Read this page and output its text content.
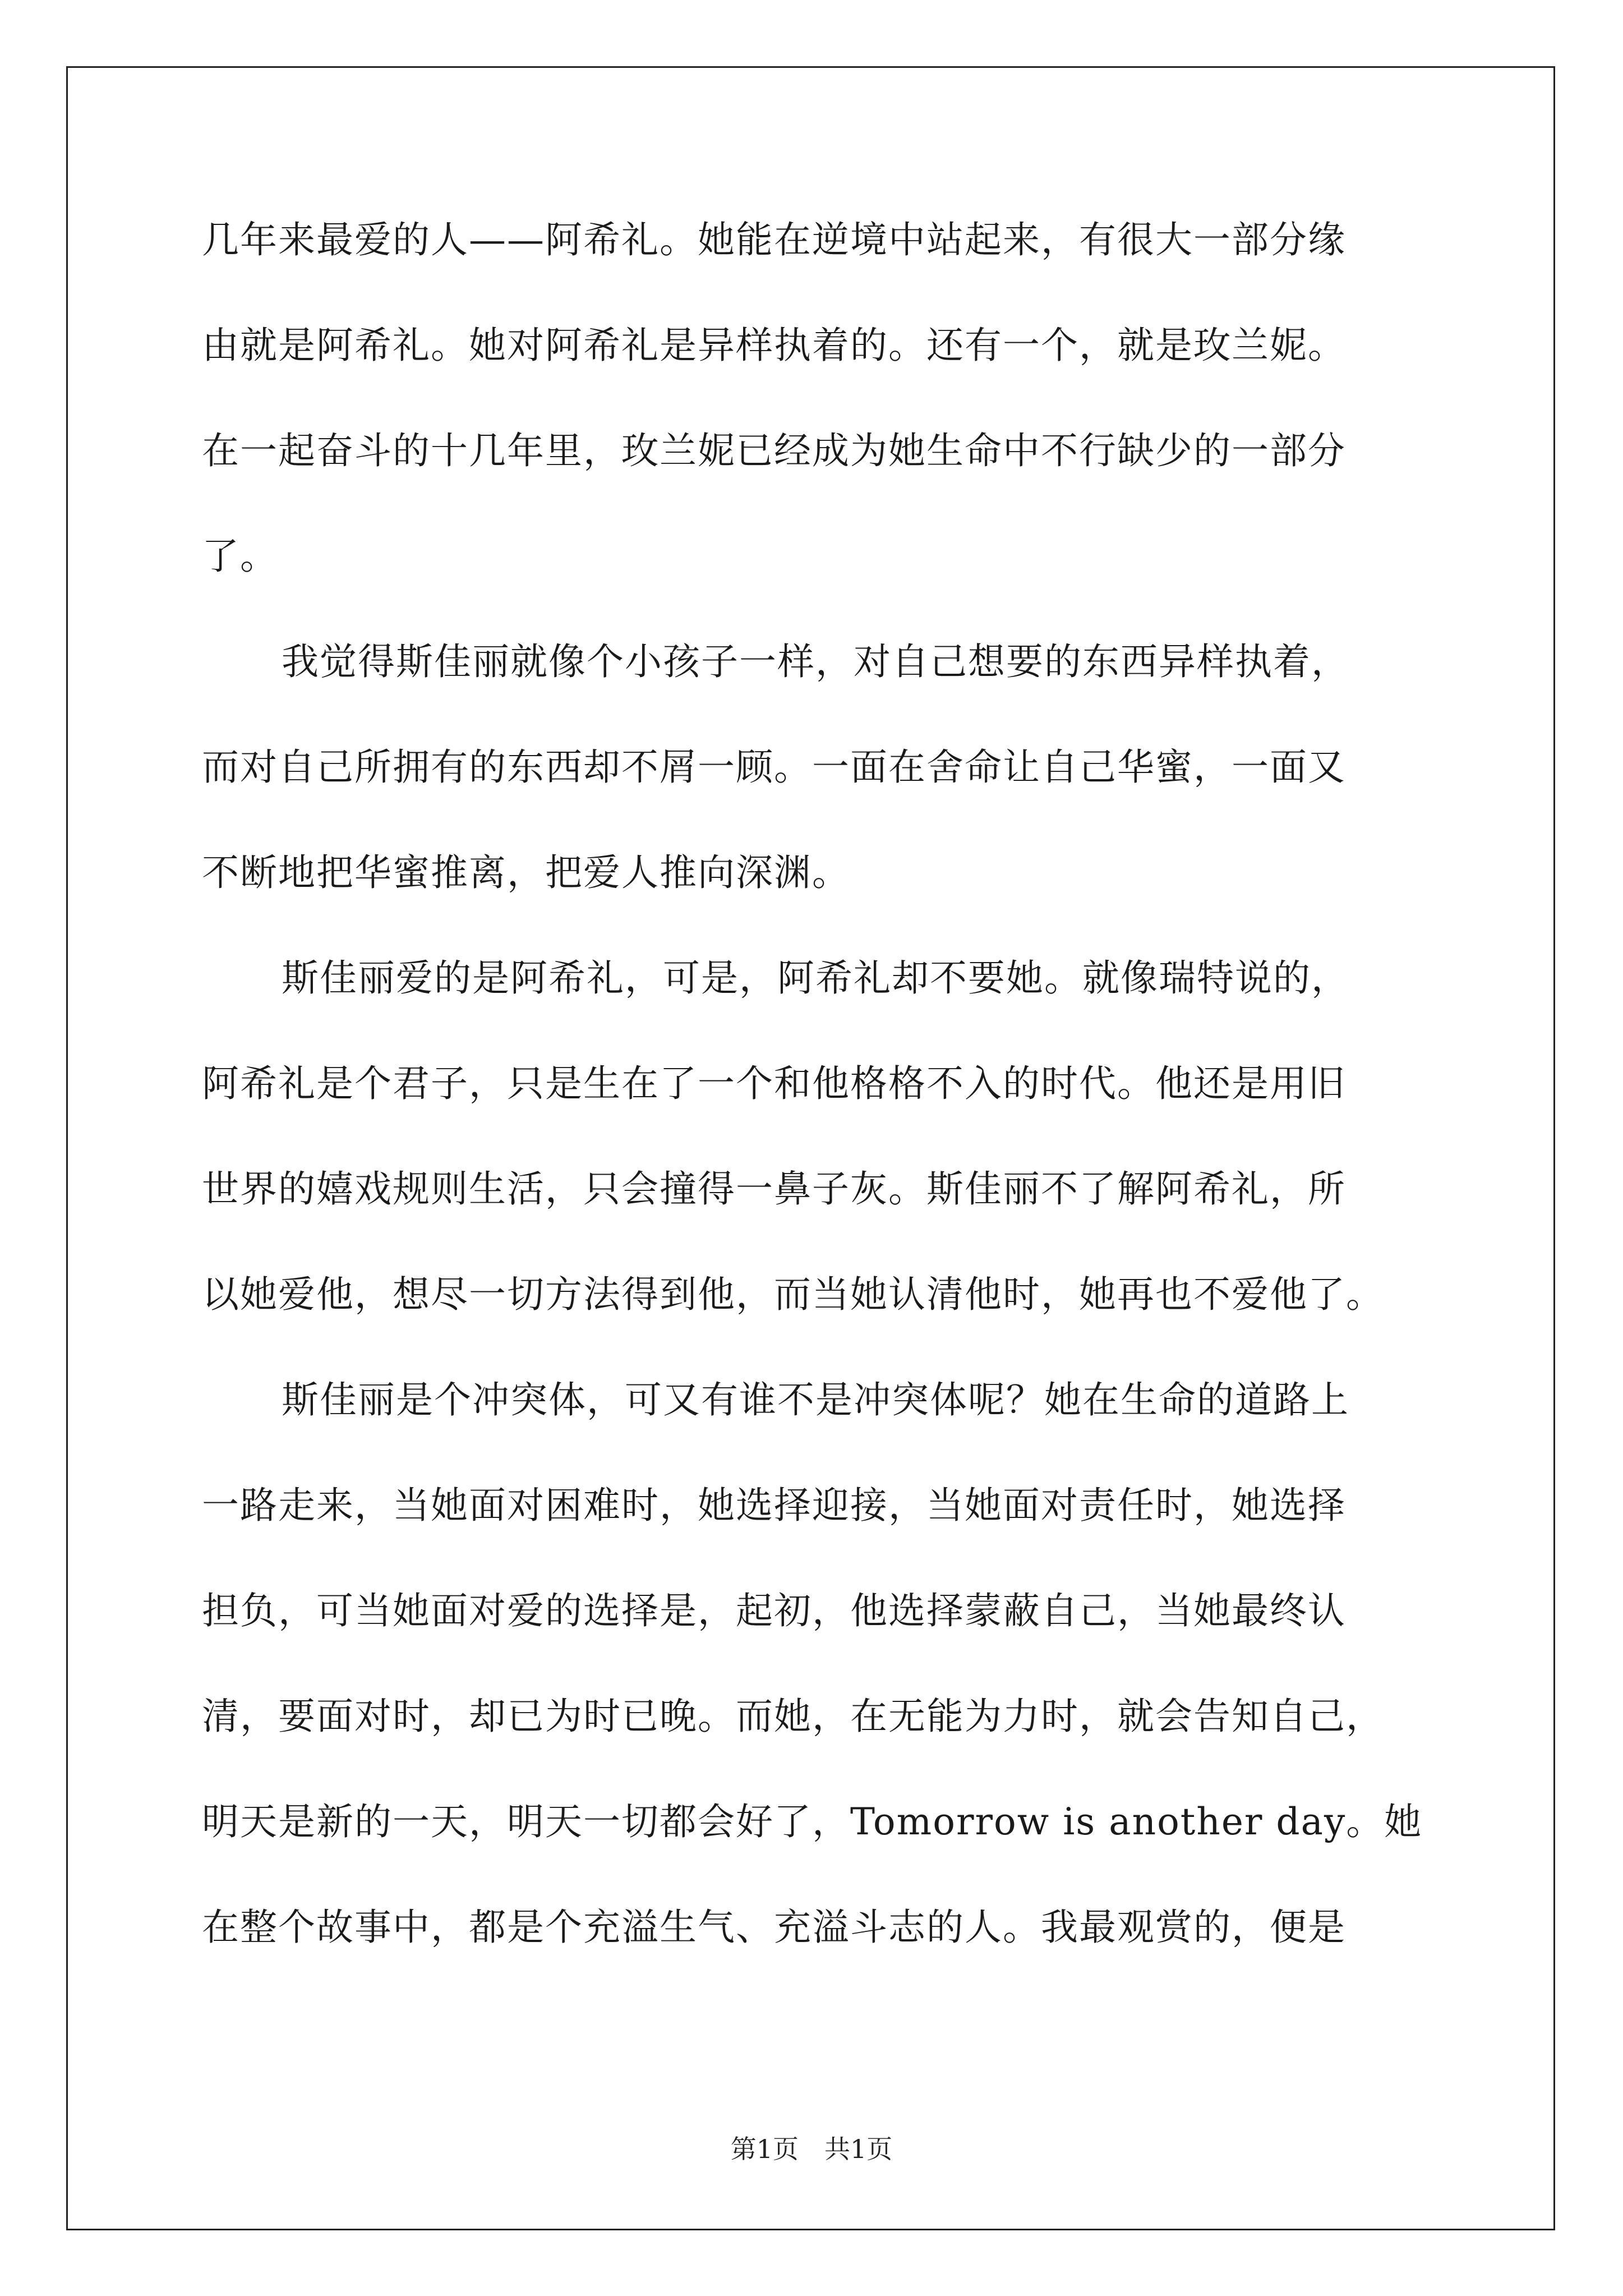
几年来最爱的人——阿希礼。她能在逆境中站起来，有很大一部分缘
由就是阿希礼。她对阿希礼是异样执着的。还有一个，就是玫兰妮。
在一起奋斗的十几年里，玫兰妮已经成为她生命中不行缺少的一部分
了。
我觉得斯佳丽就像个小孩子一样，对自己想要的东西异样执着，
而对自己所拥有的东西却不屑一顾。一面在舍命让自己华蜜，一面又
不断地把华蜜推离，把爱人推向深渊。
斯佳丽爱的是阿希礼，可是，阿希礼却不要她。就像瑞特说的，
阿希礼是个君子，只是生在了一个和他格格不入的时代。他还是用旧
世界的嬉戏规则生活，只会撞得一鼻子灰。斯佳丽不了解阿希礼，所
以她爱他，想尽一切方法得到他，而当她认清他时，她再也不爱他了。
斯佳丽是个冲突体，可又有谁不是冲突体呢？她在生命的道路上
一路走来，当她面对困难时，她选择迎接，当她面对责任时，她选择
担负，可当她面对爱的选择是，起初，他选择蒙蔽自己，当她最终认
清，要面对时，却已为时已晚。而她，在无能为力时，就会告知自己，
明天是新的一天，明天一切都会好了，Tomorrow is another day。她
在整个故事中，都是个充溢生气、充溢斗志的人。我最观赏的，便是
第1页　共1页
